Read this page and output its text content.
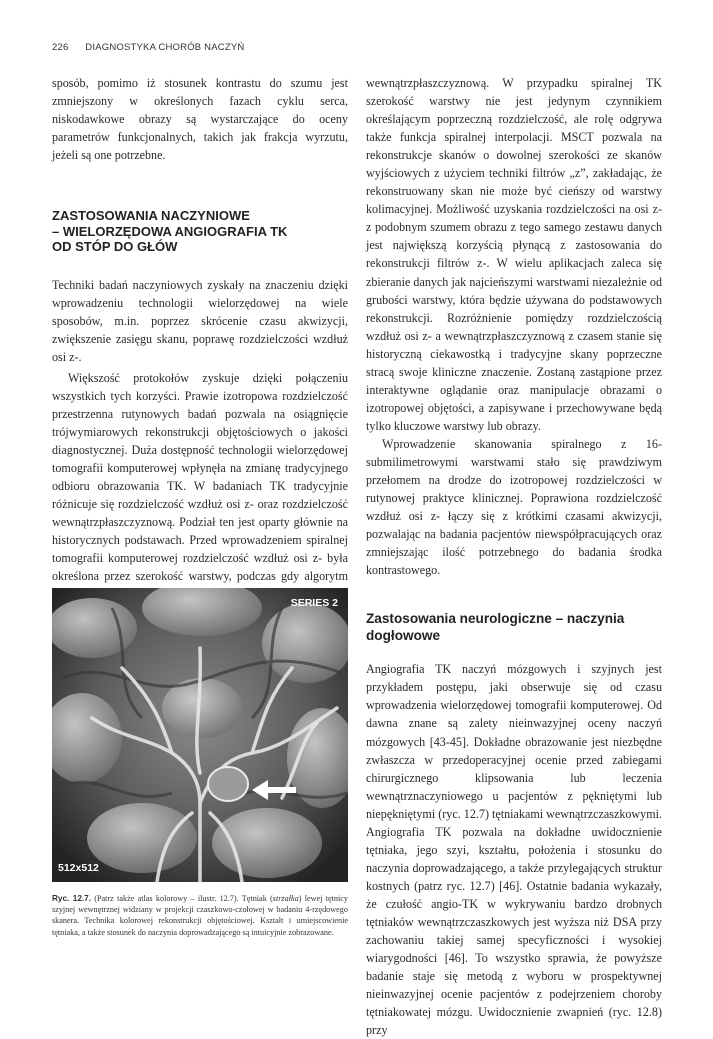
226 DIAGNOSTYKA CHORÓB NACZYŃ

sposób, pomimo iż stosunek kontrastu do szumu jest zmniejszony w określonych fazach cyklu serca, niskodawkowe obrazy są wystarczające do oceny parametrów funkcjonalnych, takich jak frakcja wyrzutu, jeżeli są one potrzebne.

ZASTOSOWANIA NACZYNIOWE
– WIELORZĘDOWA ANGIOGRAFIA TK
OD STÓP DO GŁÓW

Techniki badań naczyniowych zyskały na znaczeniu dzięki wprowadzeniu technologii wielorzędowej na wiele sposobów, m.in. poprzez skrócenie czasu akwizycji, zwiększenie zasięgu skanu, poprawę rozdzielczości wzdłuż osi z-.

Większość protokołów zyskuje dzięki połączeniu wszystkich tych korzyści. Prawie izotropowa rozdzielczość przestrzenna rutynowych badań pozwala na osiągnięcie trójwymiarowych rekonstrukcji objętościowych o jakości diagnostycznej. Duża dostępność technologii wielorzędowej tomografii komputerowej wpłynęła na zmianę tradycyjnego odbioru obrazowania TK. W badaniach TK tradycyjnie różnicuje się rozdzielczość wzdłuż osi z- oraz rozdzielczość wewnątrzpłaszczyznową. Podział ten jest oparty głównie na historycznych podstawach. Przed wprowadzeniem spiralnej tomografii komputerowej rozdzielczość wzdłuż osi z- była określona przez szerokość warstwy, podczas gdy algorytm

SERIES 2
512x512
Ryc. 12.7. (Patrz także atlas kolorowy – ilustr. 12.7). Tętniak (strzałka) lewej tętnicy szyjnej wewnętrznej widziany w projekcji czaszkowo-czołowej w badaniu 4-rzędowego skanera. Technika kolorowej rekonstrukcji objętościowej. Kształt i umiejscowienie tętniaka, a także stosunek do naczynia doprowadzającego są intuicyjnie zobrazowane.

wewnątrzpłaszczyznową. W przypadku spiralnej TK szerokość warstwy nie jest jedynym czynnikiem określającym poprzeczną rozdzielczość, ale rolę odgrywa także funkcja spiralnej interpolacji. MSCT pozwala na rekonstrukcje skanów o dowolnej szerokości ze skanów wyjściowych z użyciem techniki filtrów „z”, zakładając, że rekonstruowany skan nie może być cieńszy od warstwy kolimacyjnej. Możliwość uzyskania rozdzielczości na osi z- z podobnym szumem obrazu z tego samego zestawu danych jest największą korzyścią płynącą z zastosowania do rekonstrukcji filtrów z-. W wielu aplikacjach zaleca się zbieranie danych jak najcieńszymi warstwami niezależnie od grubości warstwy, która będzie używana do podstawowych rekonstrukcji. Rozróżnienie pomiędzy rozdzielczością wzdłuż osi z- a wewnątrzpłaszczyznową z czasem stanie się historyczną ciekawostką i tradycyjne skany poprzeczne stracą swoje kliniczne znaczenie. Zostaną zastąpione przez interaktywne oglądanie oraz manipulacje obrazami o izotropowej objętości, a zapisywane i przechowywane będą tylko kluczowe warstwy lub obrazy.

Wprowadzenie skanowania spiralnego z 16-submilimetrowymi warstwami stało się prawdziwym przełomem na drodze do izotropowej rozdzielczości w rutynowej praktyce klinicznej. Poprawiona rozdzielczość wzdłuż osi z- łączy się z krótkimi czasami akwizycji, pozwalając na badania pacjentów niewspółpracujących oraz zmniejszając ilość potrzebnego do badania środka kontrastowego.

Zastosowania neurologiczne – naczynia dogłowowe

Angiografia TK naczyń mózgowych i szyjnych jest przykładem postępu, jaki obserwuje się od czasu wprowadzenia wielorzędowej tomografii komputerowej. Od dawna znane są zalety nieinwazyjnej oceny naczyń mózgowych [43-45]. Dokładne obrazowanie jest niezbędne zwłaszcza w przedoperacyjnej ocenie przed zabiegami chirurgicznego klipsowania lub leczenia wewnątrznaczyniowego u pacjentów z pękniętymi lub niepękniętymi (ryc. 12.7) tętniakami wewnątrzczaszkowymi. Angiografia TK pozwala na dokładne uwidocznienie tętniaka, jego szyi, kształtu, położenia i stosunku do naczynia doprowadzającego, a także przylegających struktur kostnych (patrz ryc. 12.7) [46]. Ostatnie badania wykazały, że czułość angio-TK w wykrywaniu bardzo drobnych tętniaków wewnątrzczaszkowych jest wyższa niż DSA przy zachowaniu takiej samej specyficzności i wysokiej wiarygodności [46]. To wszystko sprawia, że powyższe badanie staje się metodą z wyboru w prospektywnej nieinwazyjnej ocenie pacjentów z podejrzeniem choroby tętniakowatej mózgu. Uwidocznienie zwapnień (ryc. 12.8) przy
